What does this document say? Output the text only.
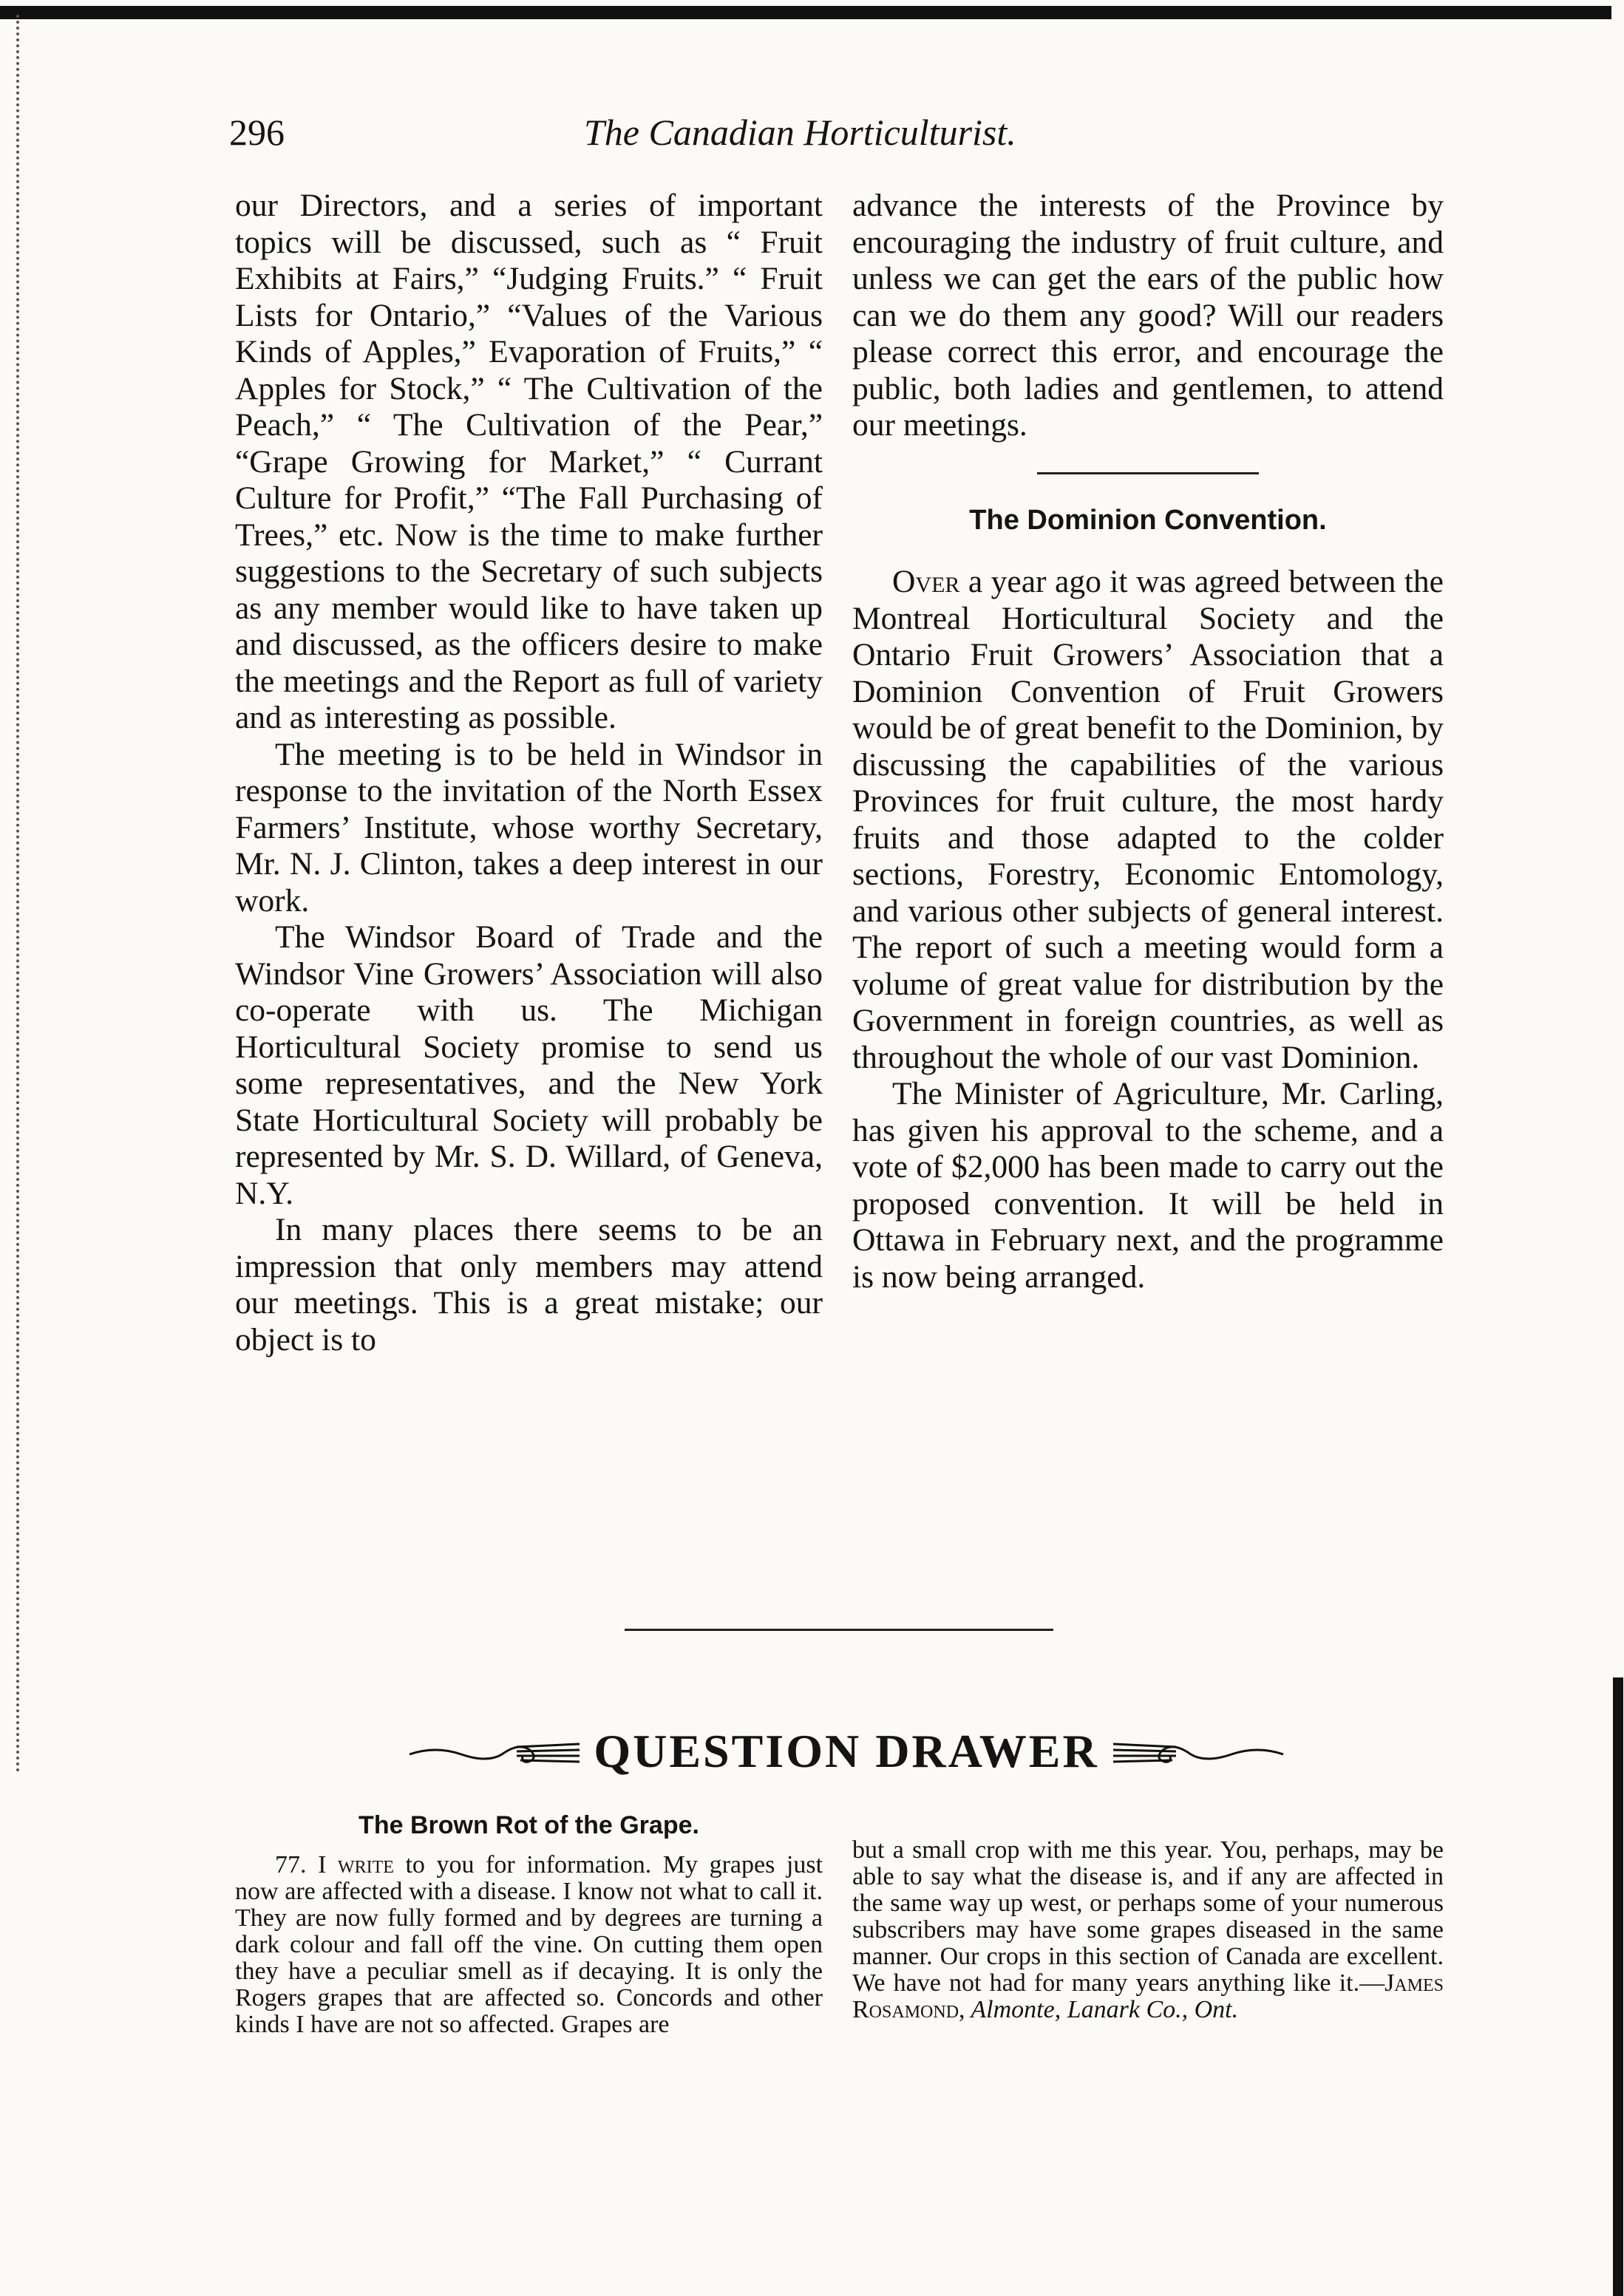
296	The Canadian Horticulturist.

our Directors, and a series of important topics will be discussed, such as “ Fruit Exhibits at Fairs,” “Judging Fruits.” “ Fruit Lists for Ontario,” “Values of the Various Kinds of Apples,” Evaporation of Fruits,” “ Apples for Stock,” “ The Cultivation of the Peach,” “ The Cultivation of the Pear,” “Grape Growing for Market,” “ Currant Culture for Profit,” “The Fall Purchasing of Trees,” etc. Now is the time to make further suggestions to the Secretary of such subjects as any member would like to have taken up and discussed, as the officers desire to make the meetings and the Report as full of variety and as interesting as possible.

The meeting is to be held in Windsor in response to the invitation of the North Essex Farmers’ Institute, whose worthy Secretary, Mr. N. J. Clinton, takes a deep interest in our work.

The Windsor Board of Trade and the Windsor Vine Growers’ Association will also co-operate with us. The Michigan Horticultural Society promise to send us some representatives, and the New York State Horticultural Society will probably be represented by Mr. S. D. Willard, of Geneva, N.Y.

In many places there seems to be an impression that only members may attend our meetings. This is a great mistake; our object is to

advance the interests of the Province by encouraging the industry of fruit culture, and unless we can get the ears of the public how can we do them any good? Will our readers please correct this error, and encourage the public, both ladies and gentlemen, to attend our meetings.

The Dominion Convention.

Over a year ago it was agreed between the Montreal Horticultural Society and the Ontario Fruit Growers’ Association that a Dominion Convention of Fruit Growers would be of great benefit to the Dominion, by discussing the capabilities of the various Provinces for fruit culture, the most hardy fruits and those adapted to the colder sections, Forestry, Economic Entomology, and various other subjects of general interest. The report of such a meeting would form a volume of great value for distribution by the Government in foreign countries, as well as throughout the whole of our vast Dominion.

The Minister of Agriculture, Mr. Carling, has given his approval to the scheme, and a vote of $2,000 has been made to carry out the proposed convention. It will be held in Ottawa in February next, and the programme is now being arranged.

QUESTION DRAWER
The Brown Rot of the Grape.

77. I write to you for information. My grapes just now are affected with a disease. I know not what to call it. They are now fully formed and by degrees are turning a dark colour and fall off the vine. On cutting them open they have a peculiar smell as if decaying. It is only the Rogers grapes that are affected so. Concords and other kinds I have are not so affected. Grapes are

but a small crop with me this year. You, perhaps, may be able to say what the disease is, and if any are affected in the same way up west, or perhaps some of your numerous subscribers may have some grapes diseased in the same manner. Our crops in this section of Canada are excellent. We have not had for many years anything like it.—James Rosamond, Almonte, Lanark Co., Ont.
